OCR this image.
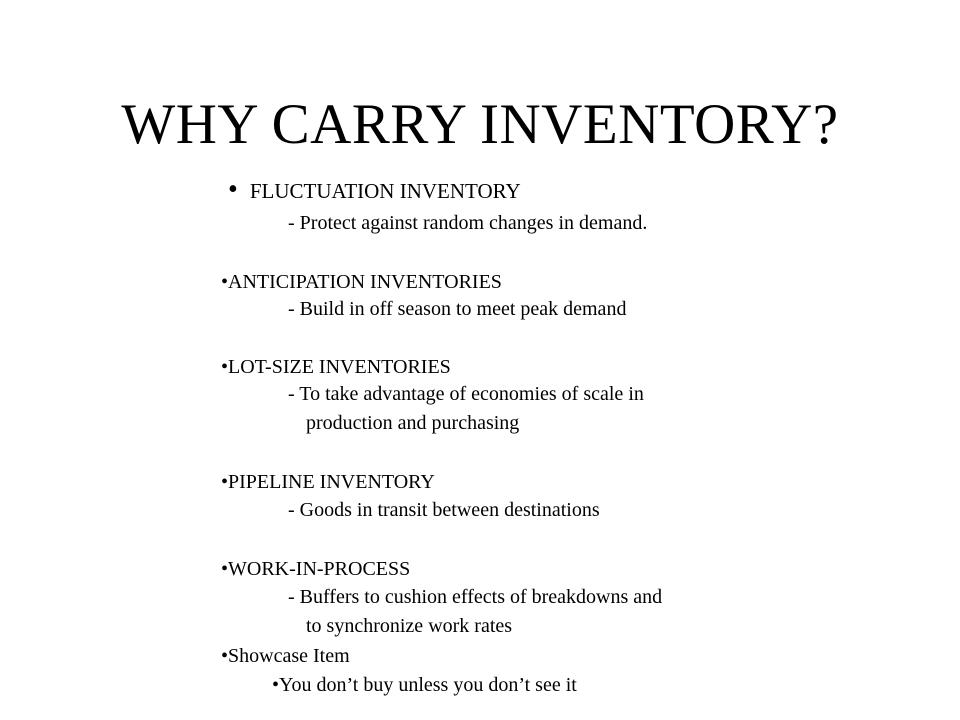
WHY CARRY INVENTORY?
• FLUCTUATION INVENTORY
- Protect against random changes in demand.
•ANTICIPATION INVENTORIES
- Build in off season to meet peak demand
•LOT-SIZE INVENTORIES
- To take advantage of economies of scale in
production and purchasing
•PIPELINE INVENTORY
- Goods in transit between destinations
•WORK-IN-PROCESS
- Buffers to cushion effects of breakdowns and
to synchronize work rates
•Showcase Item
•You don’t buy unless you don’t see it
